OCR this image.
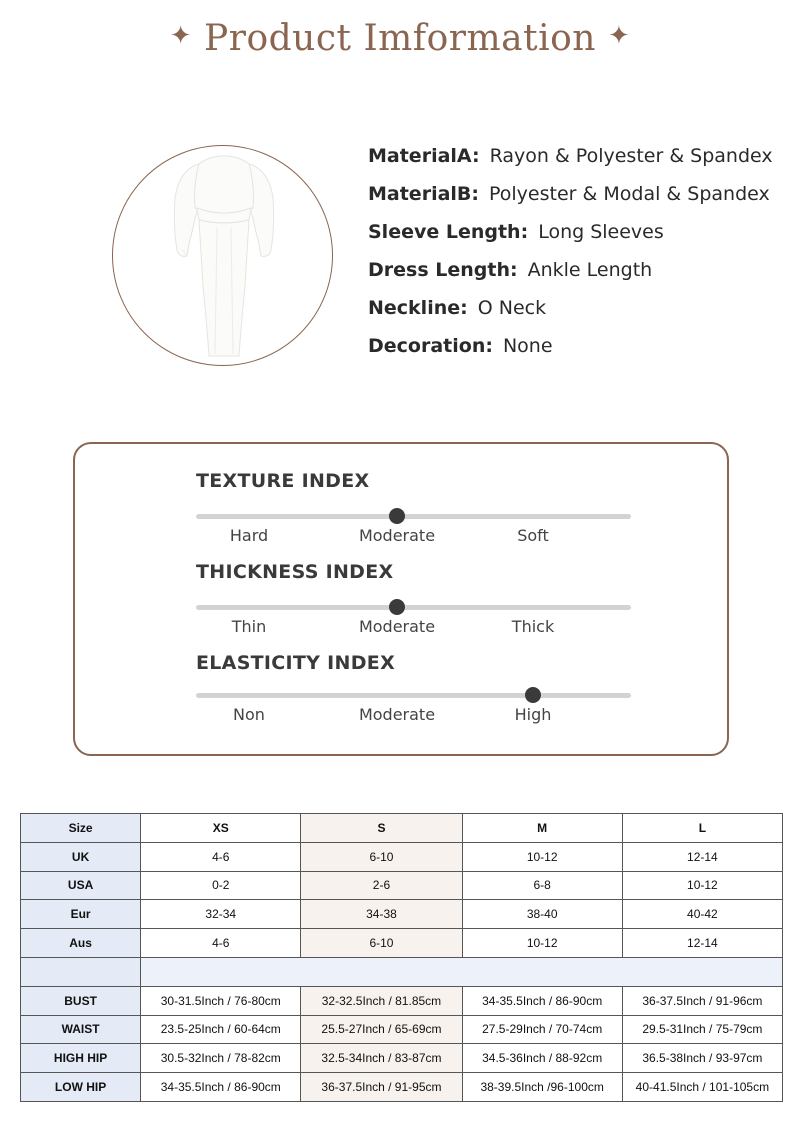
✦ Product Imformation ✦
MaterialA: Rayon & Polyester & Spandex
MaterialB: Polyester & Modal & Spandex
Sleeve Length: Long Sleeves
Dress Length: Ankle Length
Neckline: O Neck
Decoration: None
TEXTURE INDEX
Hard	Moderate	Soft
THICKNESS INDEX
Thin	Moderate	Thick
ELASTICITY INDEX
Non	Moderate	High
Size	XS	S	M	L
UK	4-6	6-10	10-12	12-14
USA	0-2	2-6	6-8	10-12
Eur	32-34	34-38	38-40	40-42
Aus	4-6	6-10	10-12	12-14

BUST	30-31.5Inch / 76-80cm	32-32.5Inch / 81.85cm	34-35.5Inch / 86-90cm	36-37.5Inch / 91-96cm
WAIST	23.5-25Inch / 60-64cm	25.5-27Inch / 65-69cm	27.5-29Inch / 70-74cm	29.5-31Inch / 75-79cm
HIGH HIP	30.5-32Inch / 78-82cm	32.5-34Inch / 83-87cm	34.5-36Inch / 88-92cm	36.5-38Inch / 93-97cm
LOW HIP	34-35.5Inch / 86-90cm	36-37.5Inch / 91-95cm	38-39.5Inch /96-100cm	40-41.5Inch / 101-105cm
